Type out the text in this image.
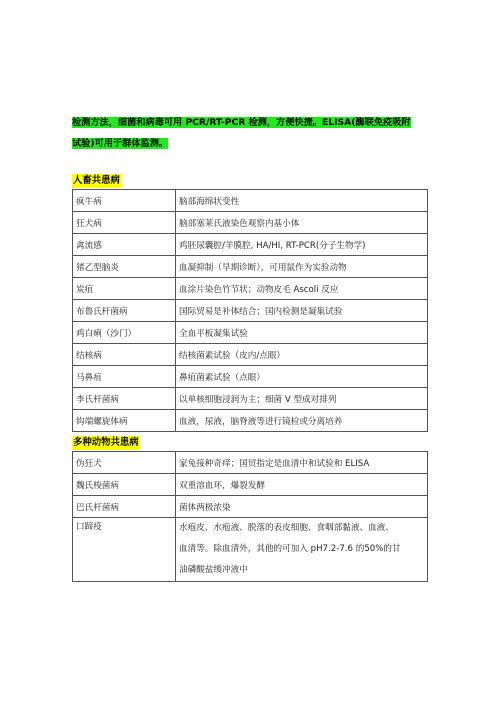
检测方法，细菌和病毒可用 PCR/RT-PCR 检测，方便快捷。ELISA(酶联免疫吸附
试验)可用于群体监测。
人畜共患病
疯牛病	脑部海绵状变性
狂犬病	脑部塞莱氏液染色观察内基小体
禽流感	鸡胚尿囊腔/羊膜腔, HA/HI, RT-PCR(分子生物学)
猪乙型脑炎	血凝抑制（早期诊断），可用鼠作为实验动物
炭疽	血涂片染色竹节状；动物皮毛 Ascoli 反应
布鲁氏杆菌病	国际贸易是补体结合；国内检测是凝集试验
鸡白痢（沙门）	全血平板凝集试验
结核病	结核菌素试验（皮内/点眼）
马鼻疽	鼻疽菌素试验（点眼）
李氏杆菌病	以单核细胞浸润为主；细菌 V 型成对排列
钩端螺旋体病	血液，尿液，脑脊液等进行镜检或分离培养
多种动物共患病
伪狂犬	家兔接种奇痒；国贸指定是血清中和试验和 ELISA
魏氏梭菌病	双重溶血环，爆裂发酵
巴氏杆菌病	菌体两极浓染
口蹄疫	水疱皮、水疱液、脱落的表皮细胞、食咽部黏液、血液、
血清等。除血清外，其他的可加入 pH7.2-7.6 的50%的甘
油磷酸盐缓冲液中
